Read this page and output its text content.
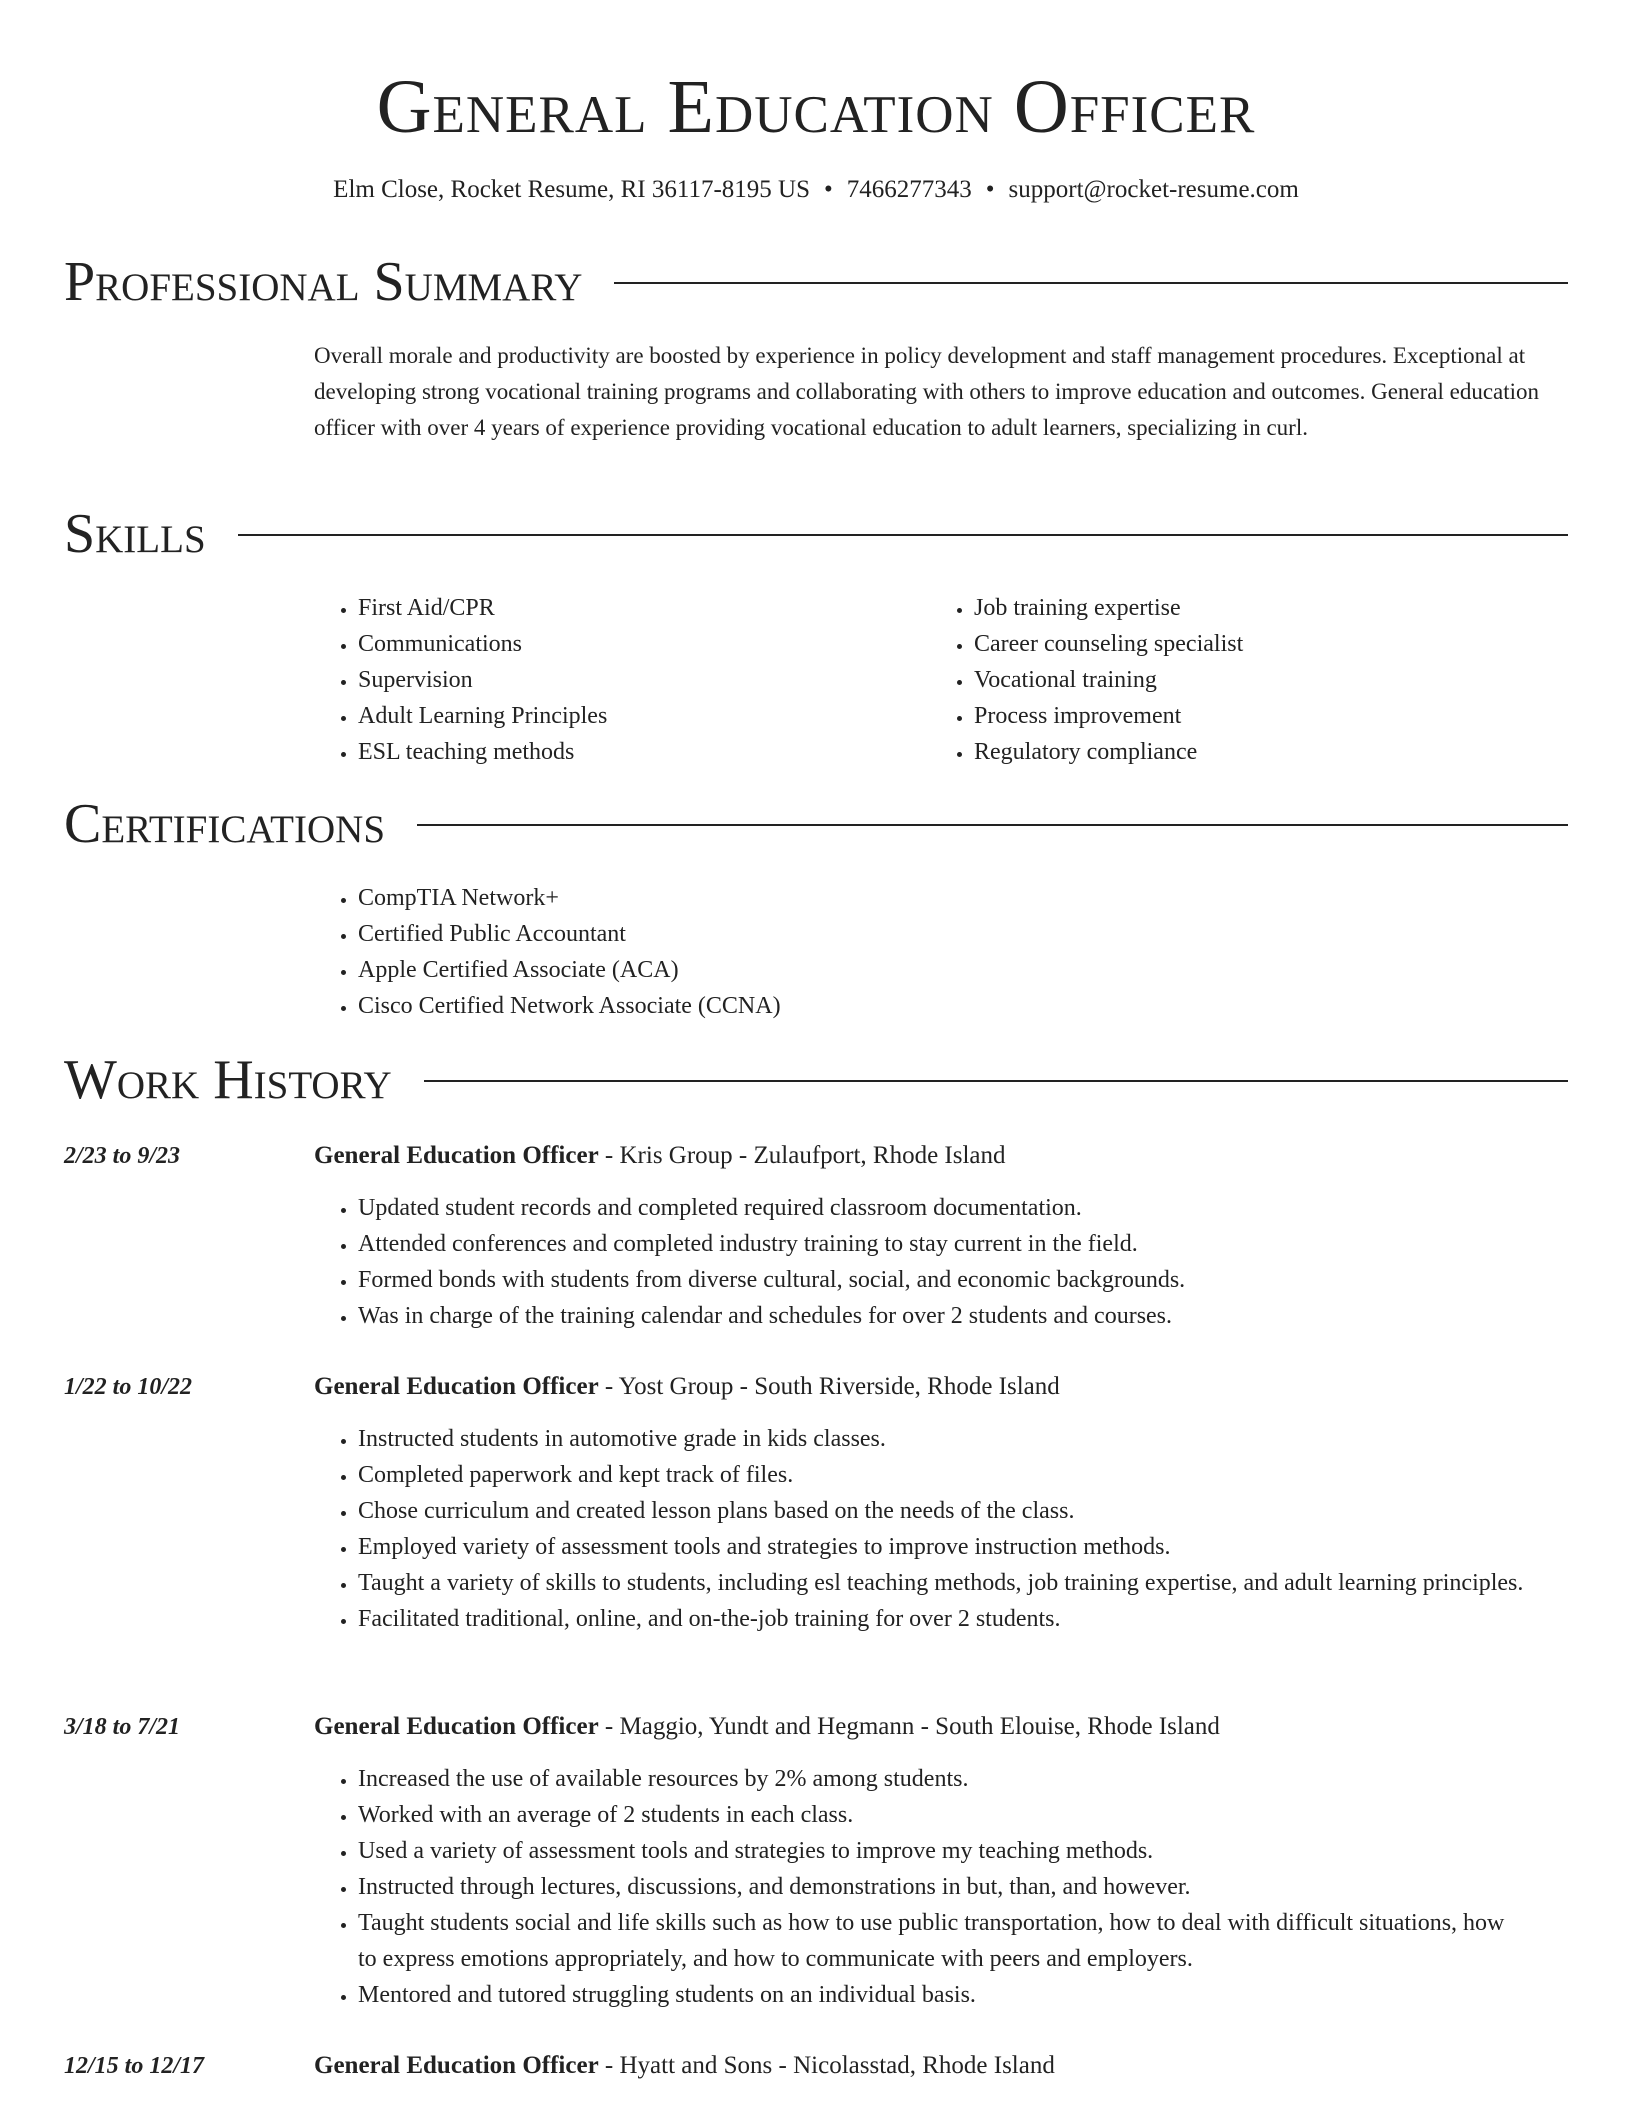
General Education Officer
Elm Close, Rocket Resume, RI 36117-8195 US • 7466277343 • support@rocket-resume.com
Professional Summary
Overall morale and productivity are boosted by experience in policy development and staff management procedures. Exceptional at developing strong vocational training programs and collaborating with others to improve education and outcomes. General education officer with over 4 years of experience providing vocational education to adult learners, specializing in curl.
Skills
• First Aid/CPR
• Communications
• Supervision
• Adult Learning Principles
• ESL teaching methods
• Job training expertise
• Career counseling specialist
• Vocational training
• Process improvement
• Regulatory compliance
Certifications
• CompTIA Network+
• Certified Public Accountant
• Apple Certified Associate (ACA)
• Cisco Certified Network Associate (CCNA)
Work History
2/23 to 9/23	General Education Officer - Kris Group - Zulaufport, Rhode Island
• Updated student records and completed required classroom documentation.
• Attended conferences and completed industry training to stay current in the field.
• Formed bonds with students from diverse cultural, social, and economic backgrounds.
• Was in charge of the training calendar and schedules for over 2 students and courses.
1/22 to 10/22	General Education Officer - Yost Group - South Riverside, Rhode Island
• Instructed students in automotive grade in kids classes.
• Completed paperwork and kept track of files.
• Chose curriculum and created lesson plans based on the needs of the class.
• Employed variety of assessment tools and strategies to improve instruction methods.
• Taught a variety of skills to students, including esl teaching methods, job training expertise, and adult learning principles.
• Facilitated traditional, online, and on-the-job training for over 2 students.
3/18 to 7/21	General Education Officer - Maggio, Yundt and Hegmann - South Elouise, Rhode Island
• Increased the use of available resources by 2% among students.
• Worked with an average of 2 students in each class.
• Used a variety of assessment tools and strategies to improve my teaching methods.
• Instructed through lectures, discussions, and demonstrations in but, than, and however.
• Taught students social and life skills such as how to use public transportation, how to deal with difficult situations, how to express emotions appropriately, and how to communicate with peers and employers.
• Mentored and tutored struggling students on an individual basis.
12/15 to 12/17	General Education Officer - Hyatt and Sons - Nicolasstad, Rhode Island
